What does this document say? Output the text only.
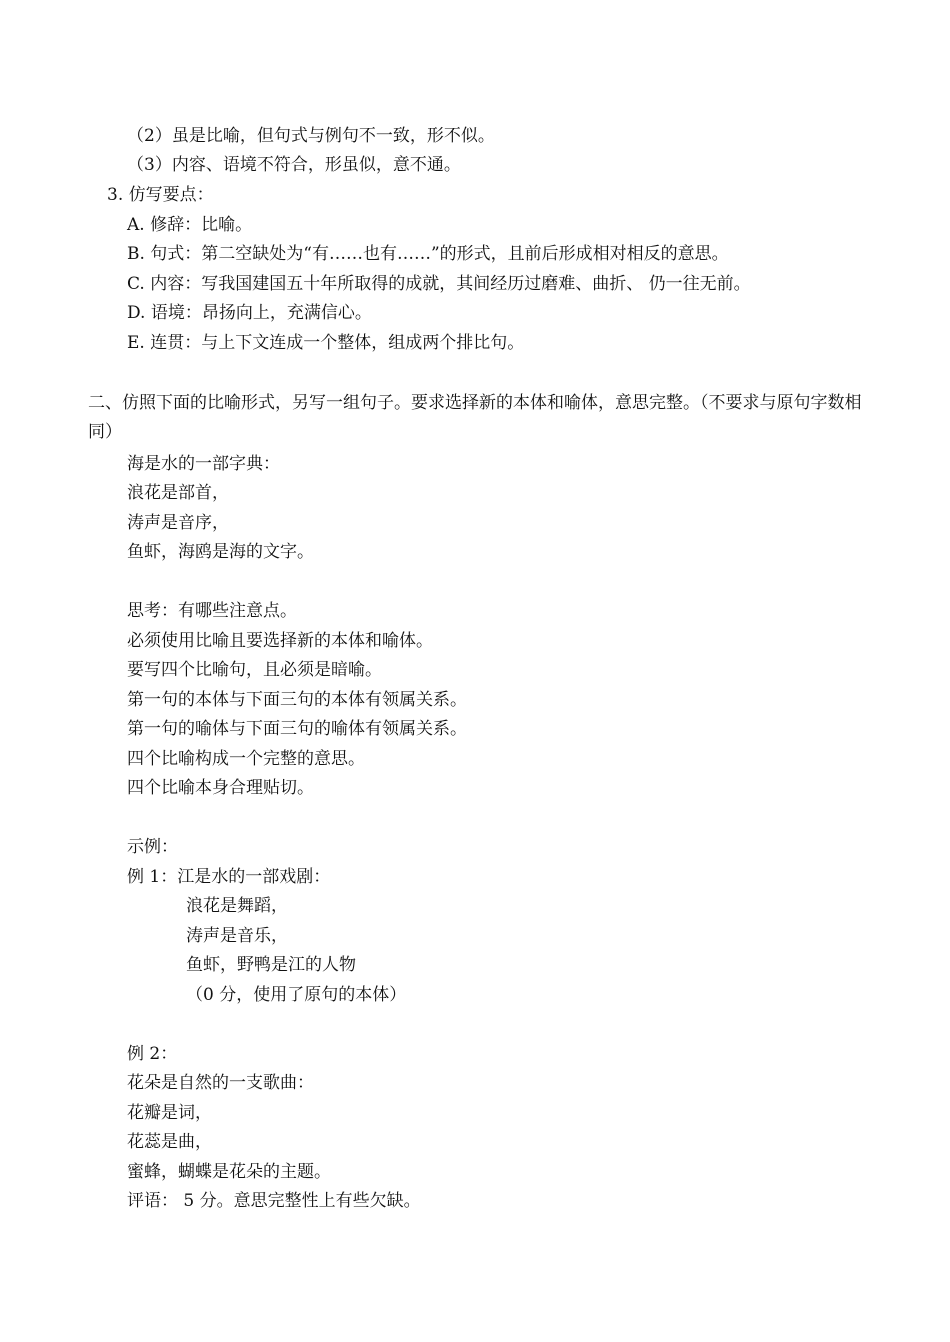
（2）虽是比喻，但句式与例句不一致，形不似。
（3）内容、语境不符合，形虽似，意不通。
3. 仿写要点：
A. 修辞：比喻。
B. 句式：第二空缺处为“有……也有……”的形式，且前后形成相对相反的意思。
C. 内容：写我国建国五十年所取得的成就，其间经历过磨难、曲折、 仍一往无前。
D. 语境：昂扬向上，充满信心。
E. 连贯：与上下文连成一个整体，组成两个排比句。
二、仿照下面的比喻形式，另写一组句子。要求选择新的本体和喻体，意思完整。（不要求与原句字数相同）
海是水的一部字典：
浪花是部首，
涛声是音序，
鱼虾，海鸥是海的文字。
思考：有哪些注意点。
必须使用比喻且要选择新的本体和喻体。
要写四个比喻句，且必须是暗喻。
第一句的本体与下面三句的本体有领属关系。
第一句的喻体与下面三句的喻体有领属关系。
四个比喻构成一个完整的意思。
四个比喻本身合理贴切。
示例：
例 1：江是水的一部戏剧：
浪花是舞蹈，
涛声是音乐，
鱼虾，野鸭是江的人物
（0 分，使用了原句的本体）
例 2：
花朵是自然的一支歌曲：
花瓣是词，
花蕊是曲，
蜜蜂，蝴蝶是花朵的主题。
评语： 5 分。意思完整性上有些欠缺。
